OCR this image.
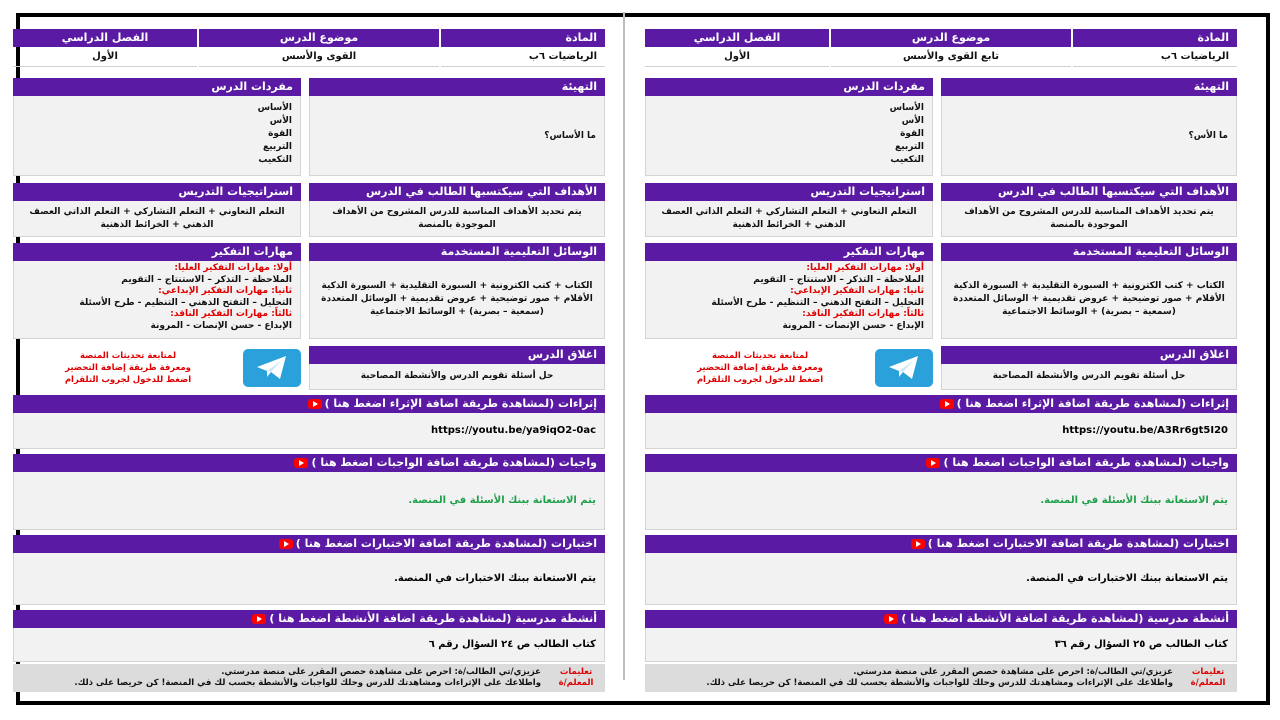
المادة
موضوع الدرس
الفصل الدراسي
الرياضيات ٦ب
القوى والأسس
الأول
التهيئة
ما الأساس؟
مفردات الدرس
الأساس
الأس
القوة
التربيع
التكعيب
الأهداف التي سيكتسبها الطالب في الدرس
يتم تحديد الأهداف المناسبة للدرس المشروح من الأهداف الموجودة بالمنصة
استراتيجيات التدريس
التعلم التعاوني + التعلم التشاركي + التعلم الذاتي العصف الذهني + الخرائط الذهنية
الوسائل التعليمية المستخدمة
الكتاب + كتب الكترونية + السبورة التقليدية + السبورة الذكية الأقلام + صور توضيحية + عروض تقديمية + الوسائل المتعددة (سمعية – بصرية) + الوسائط الاجتماعية
مهارات التفكير
أولا: مهارات التفكير العليا:
الملاحظة – التذكر – الاستنتاج – التقويم
ثانيا: مهارات التفكير الإبداعي:
التحليل – التفتح الذهني – التنظيم - طرح الأسئلة
ثالثاً: مهارات التفكير الناقد:
الإبداع - حسن الإنصات - المرونة
اغلاق الدرس
حل أسئلة تقويم الدرس والأنشطة المصاحبة
لمتابعة تحديثات المنصة
ومعرفة طريقة إضافة التحضير
اضغط للدخول لجروب التلقرام
إثراءات (لمشاهدة طريقة اضافة الإثراء اضغط هنا )
https://youtu.be/ya9iqO2-0ac
واجبات (لمشاهدة طريقة اضافة الواجبات اضغط هنا )
يتم الاستعانة ببنك الأسئلة في المنصة.
اختبارات (لمشاهدة طريقة اضافة الاختبارات اضغط هنا )
يتم الاستعانة ببنك الاختبارات في المنصة.
أنشطة مدرسية (لمشاهدة طريقة اضافة الأنشطة اضغط هنا )
كتاب الطالب ص ٢٤ السؤال رقم ٦
تعليمات المعلم/ة
عزيزي/تي الطالب/ة: احرص على مشاهدة حصص المقرر على منصة مدرستي.
واطلاعك على الإثراءات ومشاهدتك للدرس وحلك للواجبات والأنشطة بحسب لك في المنصة! كن حريصا على ذلك.
المادة
موضوع الدرس
الفصل الدراسي
الرياضيات ٦ب
تابع القوى والأسس
الأول
التهيئة
ما الأس؟
مفردات الدرس
الأساس
الأس
القوة
التربيع
التكعيب
الأهداف التي سيكتسبها الطالب في الدرس
يتم تحديد الأهداف المناسبة للدرس المشروح من الأهداف الموجودة بالمنصة
استراتيجيات التدريس
التعلم التعاوني + التعلم التشاركي + التعلم الذاتي العصف الذهني + الخرائط الذهنية
الوسائل التعليمية المستخدمة
الكتاب + كتب الكترونية + السبورة التقليدية + السبورة الذكية الأقلام + صور توضيحية + عروض تقديمية + الوسائل المتعددة (سمعية – بصرية) + الوسائط الاجتماعية
مهارات التفكير
أولا: مهارات التفكير العليا:
الملاحظة – التذكر – الاستنتاج – التقويم
ثانيا: مهارات التفكير الإبداعي:
التحليل – التفتح الذهني – التنظيم - طرح الأسئلة
ثالثاً: مهارات التفكير الناقد:
الإبداع - حسن الإنصات - المرونة
اغلاق الدرس
حل أسئلة تقويم الدرس والأنشطة المصاحبة
لمتابعة تحديثات المنصة
ومعرفة طريقة إضافة التحضير
اضغط للدخول لجروب التلقرام
إثراءات (لمشاهدة طريقة اضافة الإثراء اضغط هنا )
https://youtu.be/A3Rr6gt5I20
واجبات (لمشاهدة طريقة اضافة الواجبات اضغط هنا )
يتم الاستعانة ببنك الأسئلة في المنصة.
اختبارات (لمشاهدة طريقة اضافة الاختبارات اضغط هنا )
يتم الاستعانة ببنك الاختبارات في المنصة.
أنشطة مدرسية (لمشاهدة طريقة اضافة الأنشطة اضغط هنا )
كتاب الطالب ص ٢٥ السؤال رقم ٣٦
تعليمات المعلم/ة
عزيزي/تي الطالب/ة: احرص على مشاهدة حصص المقرر على منصة مدرستي.
واطلاعك على الإثراءات ومشاهدتك للدرس وحلك للواجبات والأنشطة بحسب لك في المنصة! كن حريصا على ذلك.
